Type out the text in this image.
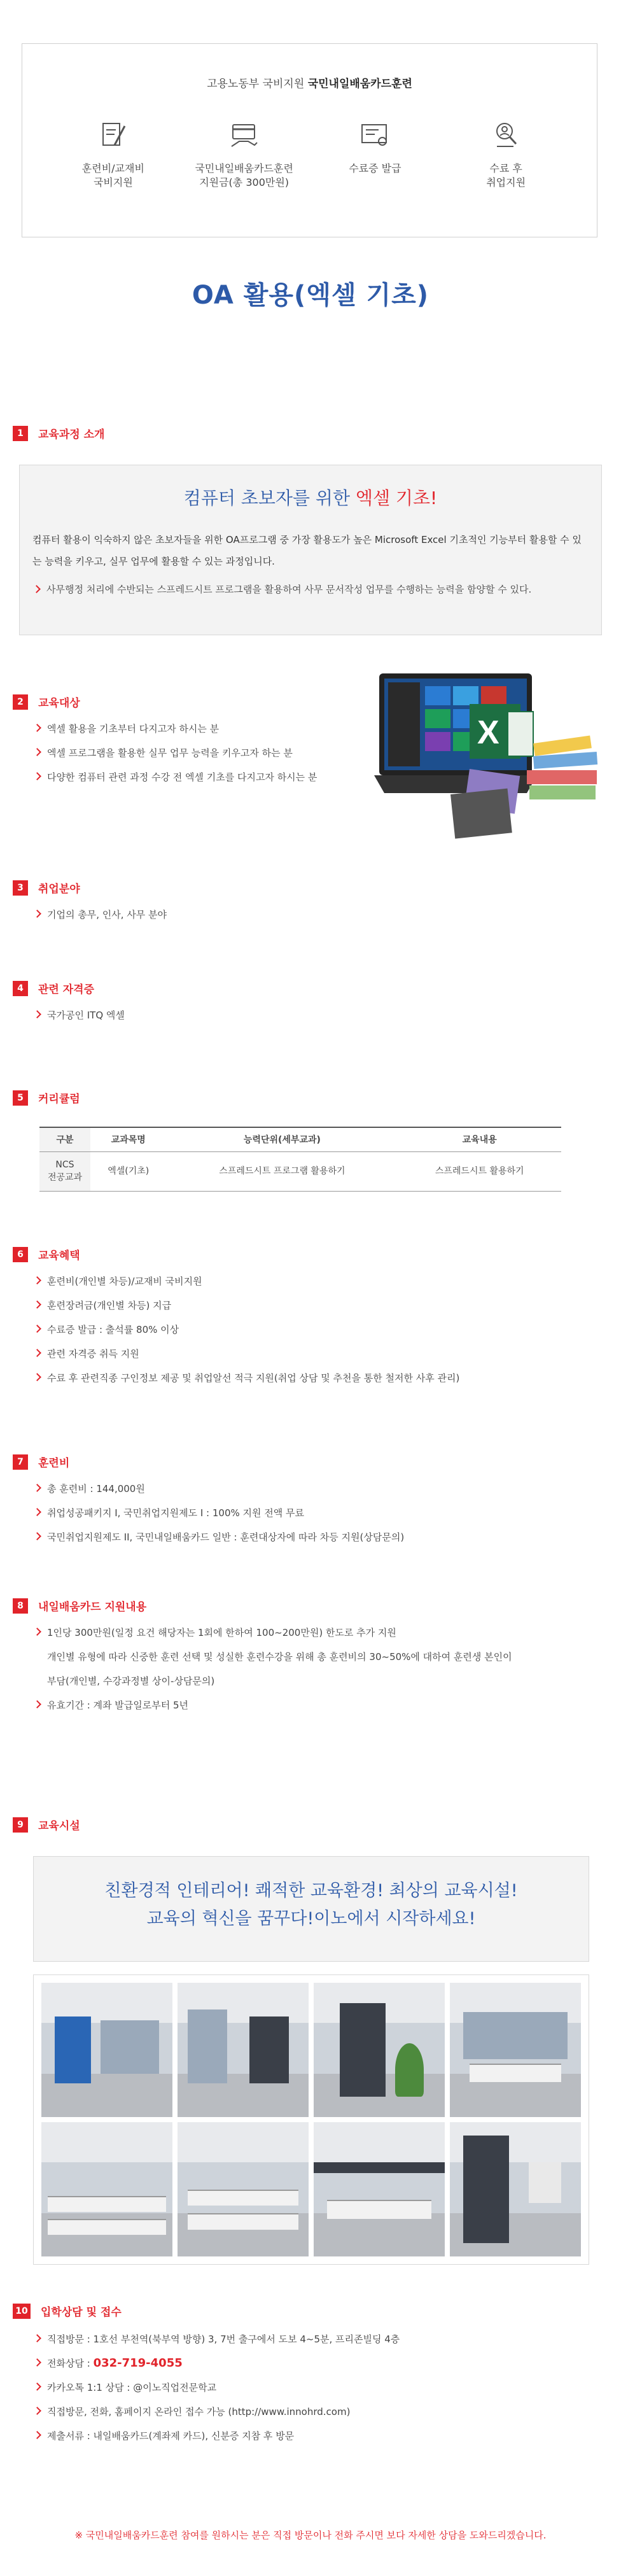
고용노동부 국비지원 국민내일배움카드훈련
훈련비/교재비
국비지원
국민내일배움카드훈련
지원금(총 300만원)
수료증 발급	수료 후
취업지원
OA 활용(엑셀 기초)
1	교육과정 소개
컴퓨터 초보자를 위한 엑셀 기초!
컴퓨터 활용이 익숙하지 않은 초보자들을 위한 OA프로그램 중 가장 활용도가 높은 Microsoft Excel 기초적인 기능부터 활용할 수 있는 능력을 키우고, 실무 업무에 활용할 수 있는 과정입니다.
사무행정 처리에 수반되는 스프레드시트 프로그램을 활용하여 사무 문서작성 업무를 수행하는 능력을 함양할 수 있다.
2	교육대상
엑셀 활용을 기초부터 다지고자 하시는 분
엑셀 프로그램을 활용한 실무 업무 능력을 키우고자 하는 분
다양한 컴퓨터 관련 과정 수강 전 엑셀 기초를 다지고자 하시는 분
X
3	취업분야
기업의 총무, 인사, 사무 분야
4	관련 자격증
국가공인 ITQ 엑셀
5	커리큘럼
구분	교과목명	능력단위(세부교과)	교육내용
NCS
전공교과	엑셀(기초)	스프레드시트 프로그램 활용하기	스프레드시트 활용하기
6	교육혜택
훈련비(개인별 차등)/교재비 국비지원
훈련장려금(개인별 차등) 지급
수료증 발급 : 출석률 80% 이상
관련 자격증 취득 지원
수료 후 관련직종 구인정보 제공 및 취업알선 적극 지원(취업 상담 및 추천을 통한 철저한 사후 관리)
7	훈련비
총 훈련비 : 144,000원
취업성공패키지 I, 국민취업지원제도 I : 100% 지원 전액 무료
국민취업지원제도 II, 국민내일배움카드 일반 : 훈련대상자에 따라 차등 지원(상담문의)
8	내일배움카드 지원내용
1인당 300만원(일정 요건 해당자는 1회에 한하여 100~200만원) 한도로 추가 지원
개인별 유형에 따라 신중한 훈련 선택 및 성실한 훈련수강을 위해 총 훈련비의 30~50%에 대하여 훈련생 본인이
부담(개인별, 수강과정별 상이-상담문의)
유효기간 : 계좌 발급일로부터 5년
9	교육시설
친환경적 인테리어! 쾌적한 교육환경! 최상의 교육시설!
교육의 혁신을 꿈꾸다!이노에서 시작하세요!
10 입학상담 및 접수
직접방문 : 1호선 부천역(북부역 방향) 3, 7번 출구에서 도보 4~5분, 프리존빌딩 4층
전화상담 : 032-719-4055
카카오톡 1:1 상담 : @이노직업전문학교
직접방문, 전화, 홈페이지 온라인 접수 가능 (http://www.innohrd.com)
제출서류 : 내일배움카드(계좌제 카드), 신분증 지참 후 방문
※ 국민내일배움카드훈련 참여를 원하시는 분은 직접 방문이나 전화 주시면 보다 자세한 상담을 도와드리겠습니다.
